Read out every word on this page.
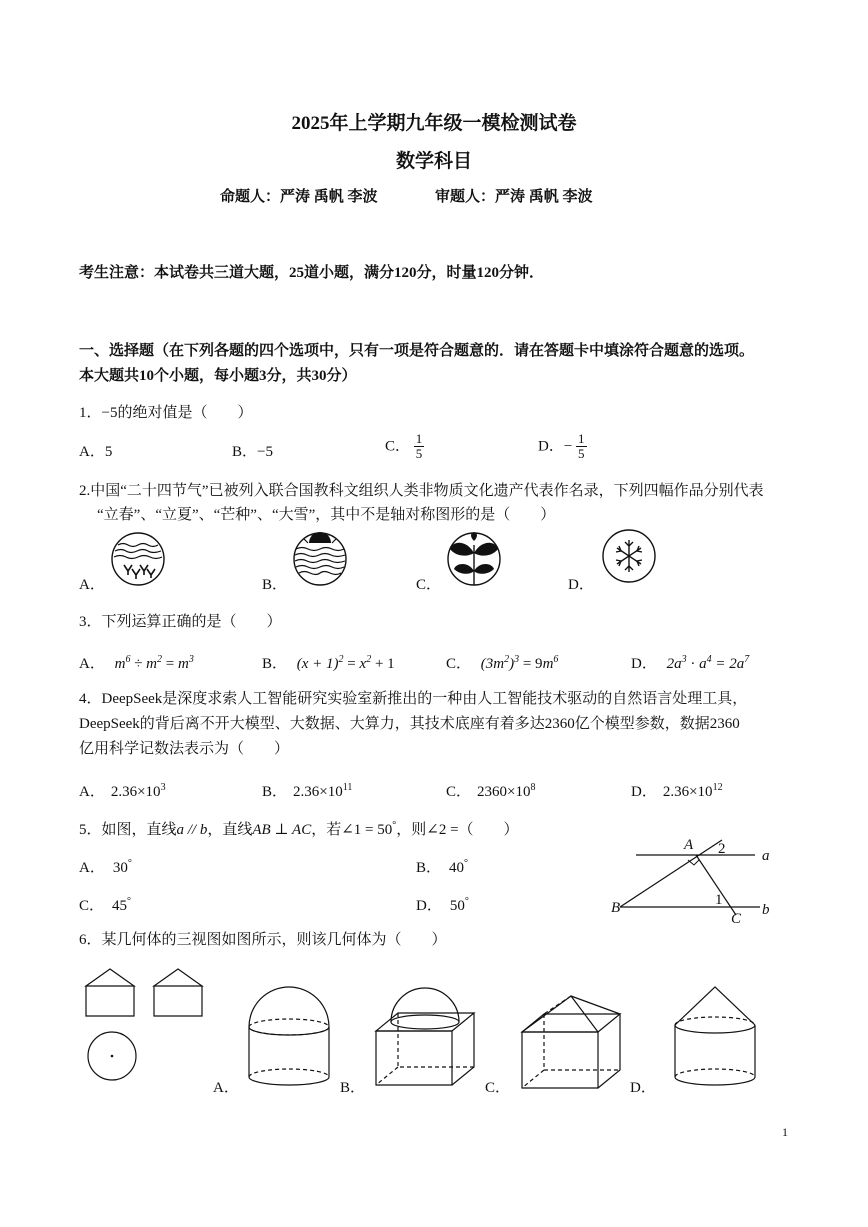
2025年上学期九年级一模检测试卷
数学科目
命题人：严涛 禹帆 李波	审题人：严涛 禹帆 李波
考生注意：本试卷共三道大题，25道小题，满分120分，时量120分钟．
一、选择题（在下列各题的四个选项中，只有一项是符合题意的．请在答题卡中填涂符合题意的选项。
本大题共10个小题，每小题3分，共30分）
1．−5的绝对值是（　　）
A．5	B．−5	C． $\frac{1}{5}$	D．− $\frac{1}{5}$
2.中国“二十四节气”已被列入联合国教科文组织人类非物质文化遗产代表作名录，下列四幅作品分别代表
“立春”、“立夏”、“芒种”、“大雪”，其中不是轴对称图形的是（　　）
A．	B．	C．	D．
3．下列运算正确的是（　　）
A． $m^6 \div m^2 = m^3$	B． $(x + 1)^2 = x^2 + 1$	C． $(3m^2)^3 = 9m^6$	D． $2a^3 \cdot a^4 = 2a^7$
4．DeepSeek是深度求索人工智能研究实验室新推出的一种由人工智能技术驱动的自然语言处理工具，
DeepSeek的背后离不开大模型、大数据、大算力，其技术底座有着多达2360亿个模型参数，数据2360
亿用科学记数法表示为（　　）
A． $2.36\times 10^3$	B． $2.36\times 10^{11}$	C． $2360\times 10^8$	D． $2.36\times 10^{12}$
5．如图，直线a // b，直线AB ⊥ AC，若∠1 = 50°，则∠2 =（　　）
A． 30°	B． 40°
C． 45°	D． 50°
A
B
C
a
b
1
2
6．某几何体的三视图如图所示，则该几何体为（　　）
A．	B．	C．	D．
1
